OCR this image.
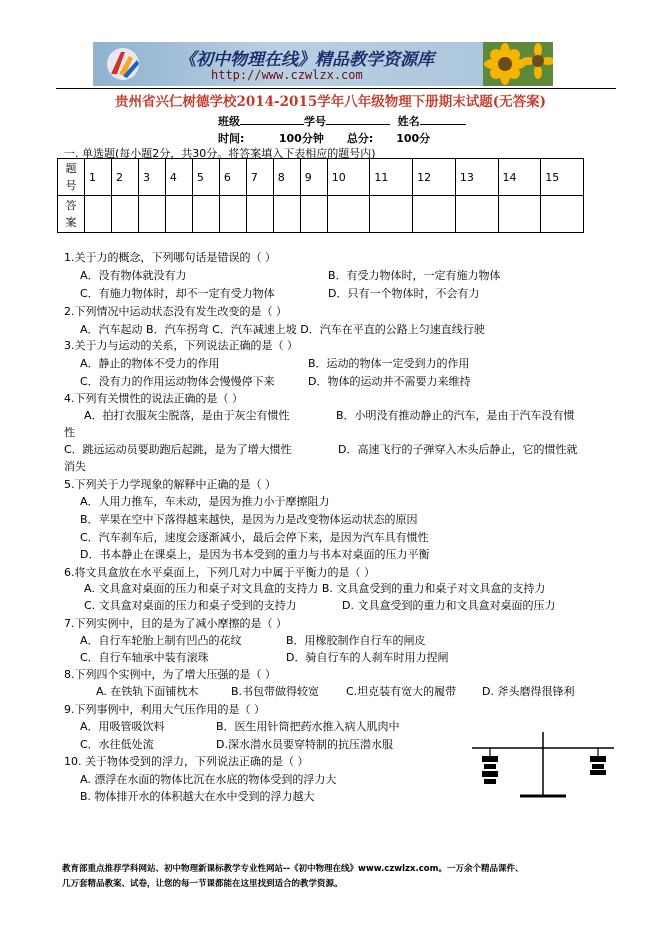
《初中物理在线》精品教学资源库
http://www.czwlzx.com
贵州省兴仁树德学校2014-2015学年八年级物理下册期末试题(无答案)
班级	学号	姓名
时间:	100分钟 总分: 100分
一. 单选题(每小题2分，共30分。将答案填入下表相应的题号内)
题
号	1	2	3	4	5	6	7	8	9	10	11	12	13	14	15
答
案															
1.关于力的概念，下列哪句话是错误的（ ）
A．没有物体就没有力	B．有受力物体时，一定有施力物体
C．有施力物体时，却不一定有受力物体	D．只有一个物体时，不会有力
2.下列情况中运动状态没有发生改变的是（ ）
A．汽车起动 B．汽车拐弯 C．汽车减速上坡 D．汽车在平直的公路上匀速直线行驶
3.关于力与运动的关系，下列说法正确的是（ ）
A．静止的物体不受力的作用	B．运动的物体一定受到力的作用
C．没有力的作用运动物体会慢慢停下来	D．物体的运动并不需要力来维持
4.下列有关惯性的说法正确的是（ ）
A．拍打衣服灰尘脱落，是由于灰尘有惯性	B．小明没有推动静止的汽车，是由于汽车没有惯
性
C．跳远运动员要助跑后起跳，是为了增大惯性	D．高速飞行的子弹穿入木头后静止，它的惯性就
消失
5.下列关于力学现象的解释中正确的是（ ）
A．人用力推车，车未动，是因为推力小于摩擦阻力
B．苹果在空中下落得越来越快，是因为力是改变物体运动状态的原因
C．汽车刹车后，速度会逐渐减小，最后会停下来，是因为汽车具有惯性
D．书本静止在课桌上，是因为书本受到的重力与书本对桌面的压力平衡
6.将文具盒放在水平桌面上，下列几对力中属于平衡力的是（ ）
A. 文具盒对桌面的压力和桌子对文具盒的支持力 B. 文具盒受到的重力和桌子对文具盒的支持力
C. 文具盒对桌面的压力和桌子受到的支持力	D. 文具盒受到的重力和文具盒对桌面的压力
7.下列实例中，目的是为了减小摩擦的是（ ）
A．自行车轮胎上制有凹凸的花纹	B．用橡胶制作自行车的闸皮
C．自行车轴承中装有滚珠	D．骑自行车的人刹车时用力捏闸
8.下列四个实例中，为了增大压强的是（ ）
A. 在铁轨下面铺枕木	B.书包带做得较宽 C.坦克装有宽大的履带 D. 斧头磨得很锋利
9.下列事例中，利用大气压作用的是（ ）
A．用吸管吸饮料	B．医生用针筒把药水推入病人肌肉中
C．水往低处流	D.深水潜水员要穿特制的抗压潜水服
10. 关于物体受到的浮力，下列说法正确的是（ ）
A. 漂浮在水面的物体比沉在水底的物体受到的浮力大
B. 物体排开水的体积越大在水中受到的浮力越大
教育部重点推荐学科网站、初中物理新课标教学专业性网站--《初中物理在线》www.czwlzx.com。一万余个精品课件、
几万套精品教案、试卷，让您的每一节课都能在这里找到适合的教学资源。
